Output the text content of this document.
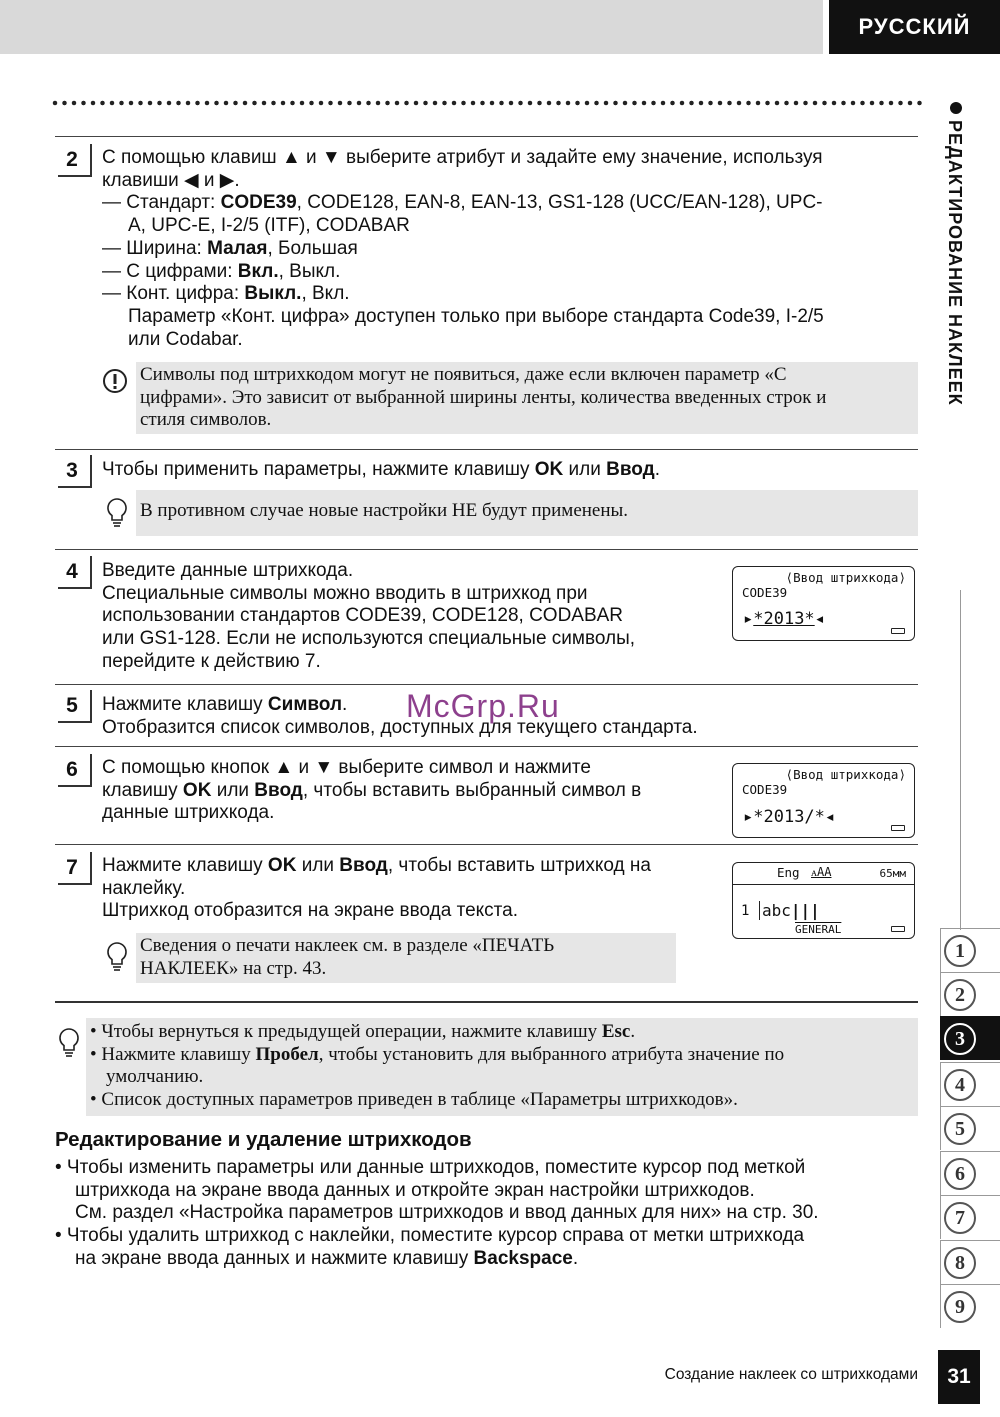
РУССКИЙ
РЕДАКТИРОВАНИЕ НАКЛЕЕК
1
2
3
4
5
6
7
8
9
2	С помощью клавиш ▲ и ▼ выберите атрибут и задайте ему значение, используя
клавиши ◀ и ▶.
— Стандарт: CODE39, CODE128, EAN-8, EAN-13, GS1-128 (UCC/EAN-128), UPC-
A, UPC-E, I-2/5 (ITF), CODABAR
— Ширина: Малая, Большая
— С цифрами: Вкл., Выкл.
— Конт. цифра: Выкл., Вкл.
Параметр «Конт. цифра» доступен только при выборе стандарта Code39, I-2/5
или Codabar.
Символы под штрихкодом могут не появиться, даже если включен параметр «С
цифрами». Это зависит от выбранной ширины ленты, количества введенных строк и
стиля символов.
3	Чтобы применить параметры, нажмите клавишу OK или Ввод.
В противном случае новые настройки НЕ будут применены.
4	Введите данные штрихкода.
Специальные символы можно вводить в штрихкод при
использовании стандартов CODE39, CODE128, CODABAR
или GS1-128. Если не используются специальные символы,
перейдите к действию 7.
⟨Ввод штрихкода⟩
CODE39
▸*2013*◂
5	Нажмите клавишу Символ.
Отобразится список символов, доступных для текущего стандарта.
McGrp.Ru
6	С помощью кнопок ▲ и ▼ выберите символ и нажмите
клавишу OK или Ввод, чтобы вставить выбранный символ в
данные штрихкода.
⟨Ввод штрихкода⟩
CODE39
▸*2013/*◂
7	Нажмите клавишу OK или Ввод, чтобы вставить штрихкод на
наклейку.
Штрихкод отобразится на экране ввода текста.
Eng ᴀAA	65мм
1 abc|||
GENERAL
Сведения о печати наклеек см. в разделе «ПЕЧАТЬ
НАКЛЕЕК» на стр. 43.
• Чтобы вернуться к предыдущей операции, нажмите клавишу Esc.
• Нажмите клавишу Пробел, чтобы установить для выбранного атрибута значение по
умолчанию.
• Список доступных параметров приведен в таблице «Параметры штрихкодов».
Редактирование и удаление штрихкодов
• Чтобы изменить параметры или данные штрихкодов, поместите курсор под меткой
штрихкода на экране ввода данных и откройте экран настройки штрихкодов.
См. раздел «Настройка параметров штрихкодов и ввод данных для них» на стр. 30.
• Чтобы удалить штрихкод с наклейки, поместите курсор справа от метки штрихкода
на экране ввода данных и нажмите клавишу Backspace.
Создание наклеек со штрихкодами	31
